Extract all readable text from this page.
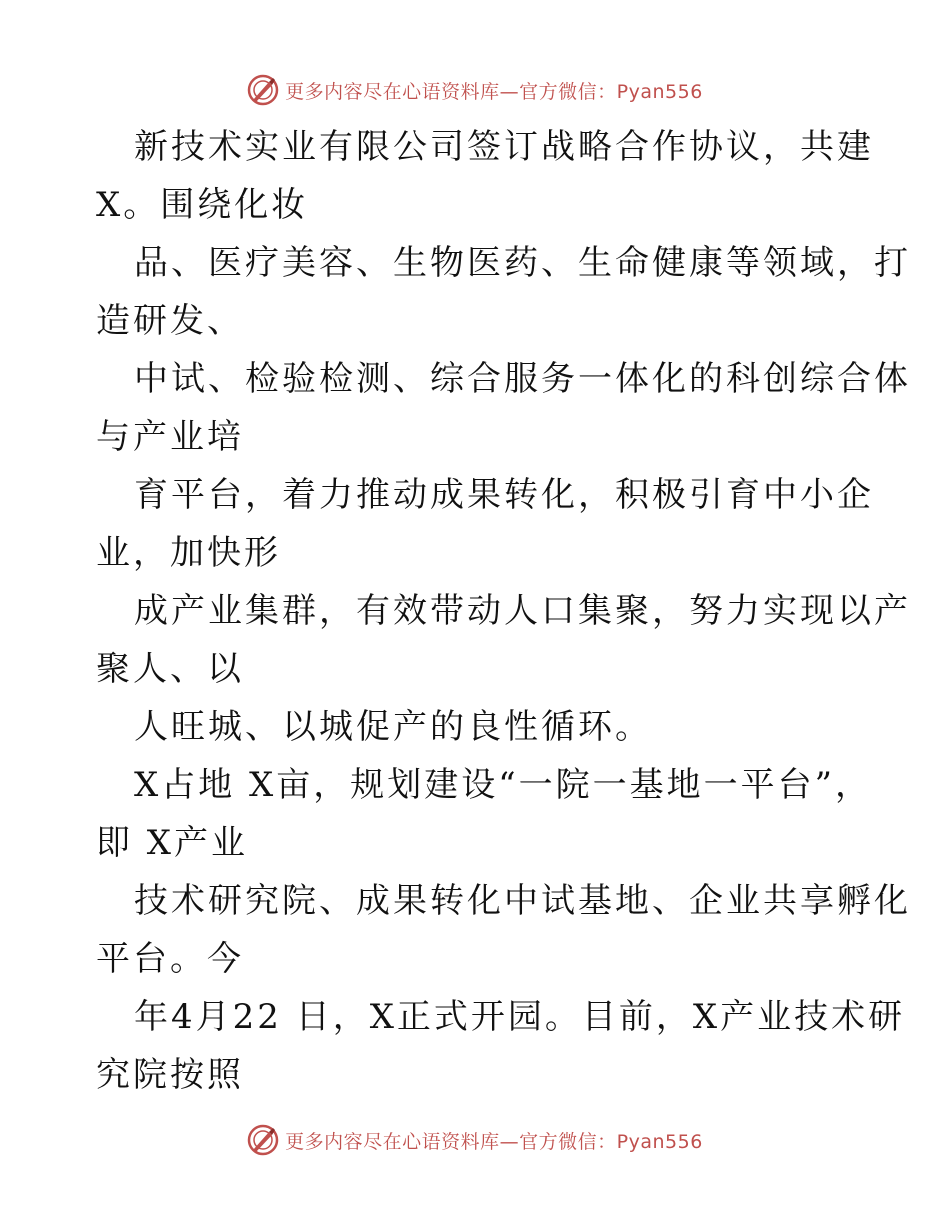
更多内容尽在心语资料库—官方微信：Pyan556
新技术实业有限公司签订战略合作协议，共建
X。围绕化妆
品、医疗美容、生物医药、生命健康等领域，打
造研发、
中试、检验检测、综合服务一体化的科创综合体
与产业培
育平台，着力推动成果转化，积极引育中小企
业，加快形
成产业集群，有效带动人口集聚，努力实现以产
聚人、以
人旺城、以城促产的良性循环。
X占地 X亩，规划建设“一院一基地一平台”，
即 X产业
技术研究院、成果转化中试基地、企业共享孵化
平台。今
年4月22 日，X正式开园。目前，X产业技术研
究院按照
更多内容尽在心语资料库—官方微信：Pyan556
